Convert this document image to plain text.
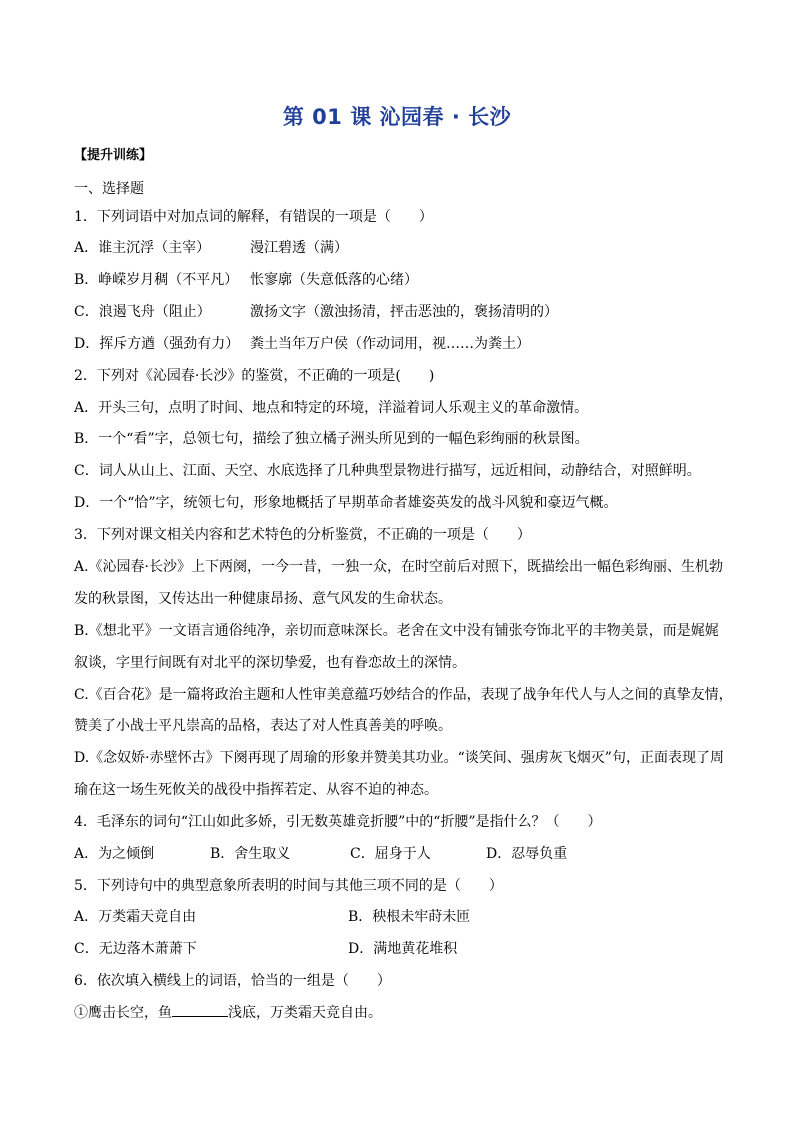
第 01 课 沁园春 · 长沙
【提升训练】
一、选择题
1．下列词语中对加点词的解释，有错误的一项是（　　）
A．谁主沉浮（主宰）	漫江碧透（满）
B．峥嵘岁月稠（不平凡） 怅寥廓（失意低落的心绪）
C．浪遏飞舟（阻止）	激扬文字（激浊扬清，抨击恶浊的，褒扬清明的）
D．挥斥方遒（强劲有力） 粪土当年万户侯（作动词用，视……为粪土）
2．下列对《沁园春·长沙》的鉴赏，不正确的一项是(　　)
A．开头三句，点明了时间、地点和特定的环境，洋溢着词人乐观主义的革命激情。
B．一个“看”字，总领七句，描绘了独立橘子洲头所见到的一幅色彩绚丽的秋景图。
C．词人从山上、江面、天空、水底选择了几种典型景物进行描写，远近相间，动静结合，对照鲜明。
D．一个“恰”字，统领七句，形象地概括了早期革命者雄姿英发的战斗风貌和豪迈气概。
3．下列对课文相关内容和艺术特色的分析鉴赏，不正确的一项是（　　）
A.《沁园春·长沙》上下两阕，一今一昔，一独一众，在时空前后对照下，既描绘出一幅色彩绚丽、生机勃
发的秋景图，又传达出一种健康昂扬、意气风发的生命状态。
B.《想北平》一文语言通俗纯净，亲切而意味深长。老舍在文中没有铺张夸饰北平的丰物美景，而是娓娓
叙谈，字里行间既有对北平的深切挚爱，也有眷恋故土的深情。
C.《百合花》是一篇将政治主题和人性审美意蕴巧妙结合的作品，表现了战争年代人与人之间的真挚友情，
赞美了小战士平凡崇高的品格，表达了对人性真善美的呼唤。
D.《念奴娇·赤壁怀古》下阕再现了周瑜的形象并赞美其功业。“谈笑间、强虏灰飞烟灭”句，正面表现了周
瑜在这一场生死攸关的战役中指挥若定、从容不迫的神态。
4．毛泽东的词句“江山如此多娇，引无数英雄竞折腰”中的“折腰”是指什么？（　　）
A．为之倾倒	B．舍生取义	C．屈身于人	D．忍辱负重
5．下列诗句中的典型意象所表明的时间与其他三项不同的是（　　）
A．万类霜天竞自由	B．秧根未牢莳未匝
C．无边落木萧萧下	D．满地黄花堆积
6．依次填入横线上的词语，恰当的一组是（　　）
①鹰击长空，鱼	浅底，万类霜天竞自由。
